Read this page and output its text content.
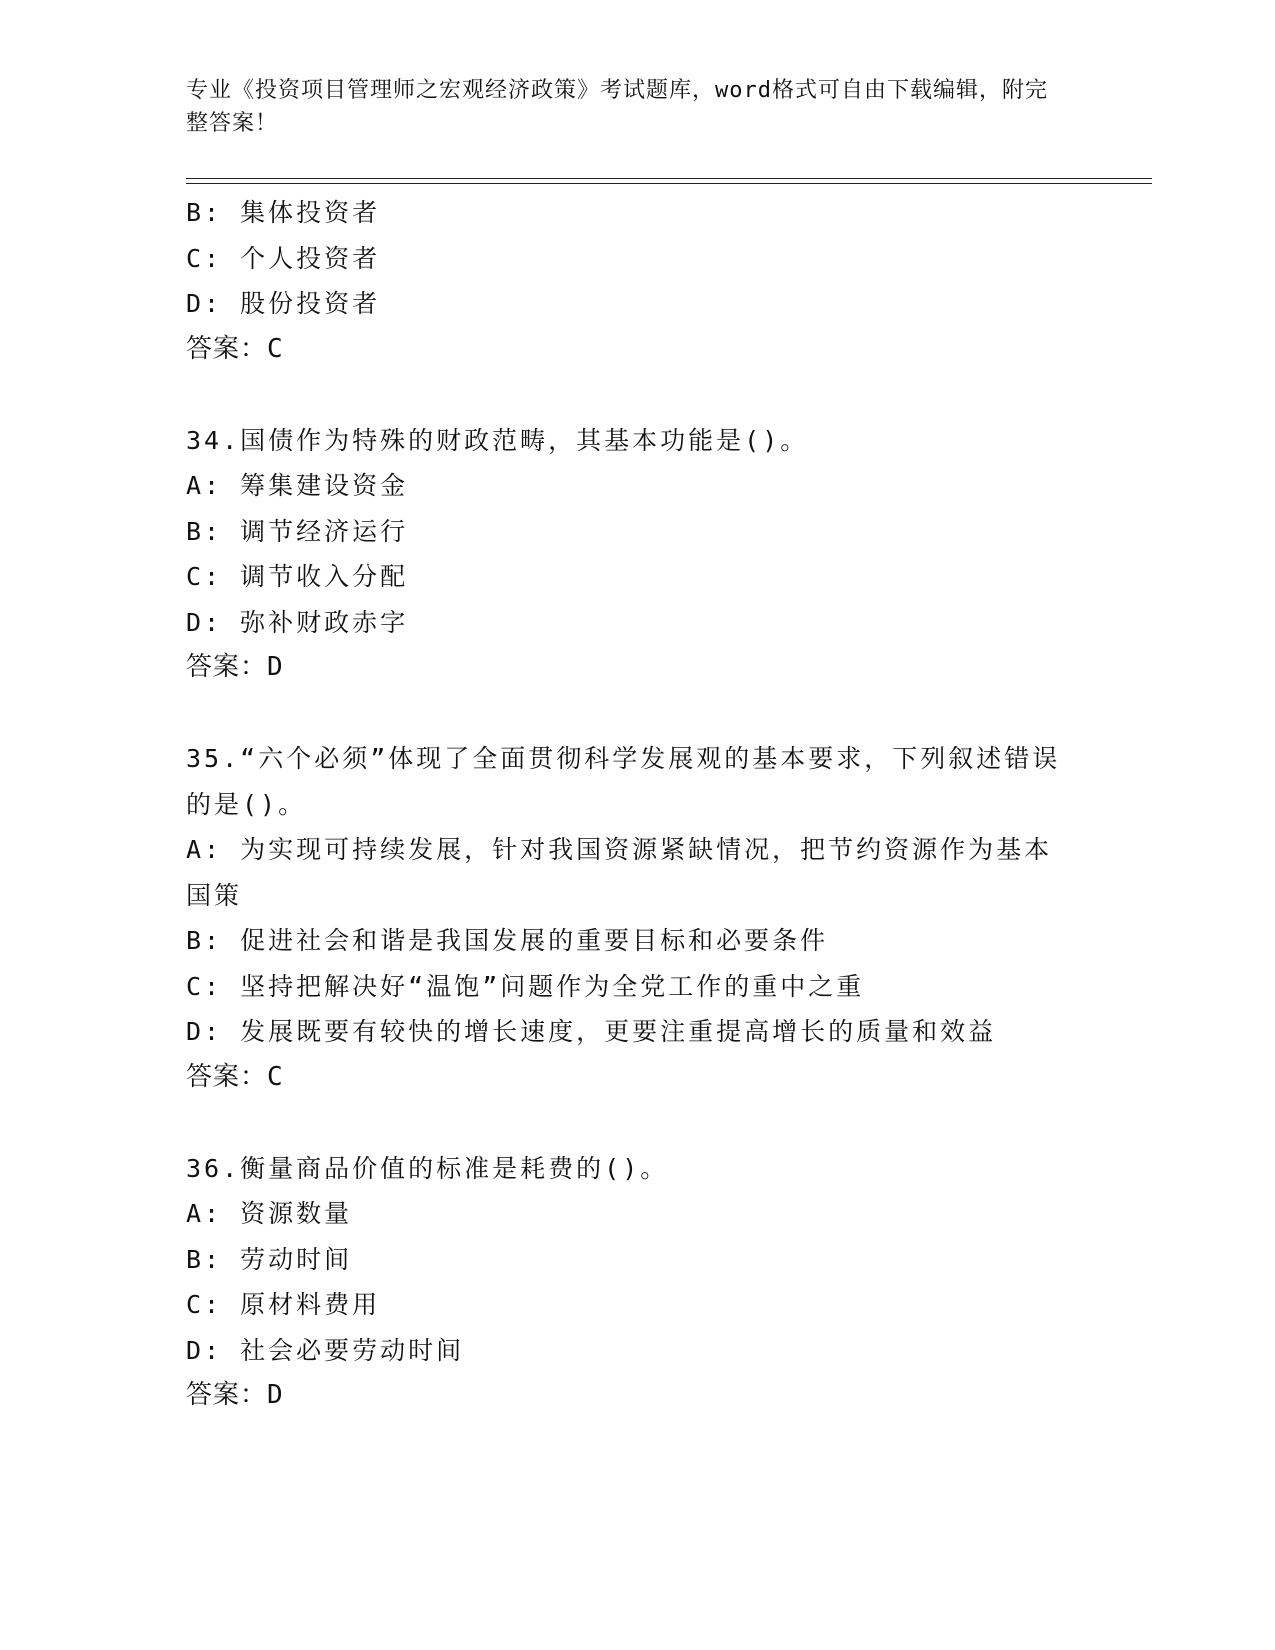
专业《投资项目管理师之宏观经济政策》考试题库，word格式可自由下载编辑，附完整答案！
B: 集体投资者
C: 个人投资者
D: 股份投资者
答案：C
34.国债作为特殊的财政范畴，其基本功能是()。
A: 筹集建设资金
B: 调节经济运行
C: 调节收入分配
D: 弥补财政赤字
答案：D
35.“六个必须”体现了全面贯彻科学发展观的基本要求，下列叙述错误的是()。
A: 为实现可持续发展，针对我国资源紧缺情况，把节约资源作为基本国策
B: 促进社会和谐是我国发展的重要目标和必要条件
C: 坚持把解决好“温饱”问题作为全党工作的重中之重
D: 发展既要有较快的增长速度，更要注重提高增长的质量和效益
答案：C
36.衡量商品价值的标准是耗费的()。
A: 资源数量
B: 劳动时间
C: 原材料费用
D: 社会必要劳动时间
答案：D
